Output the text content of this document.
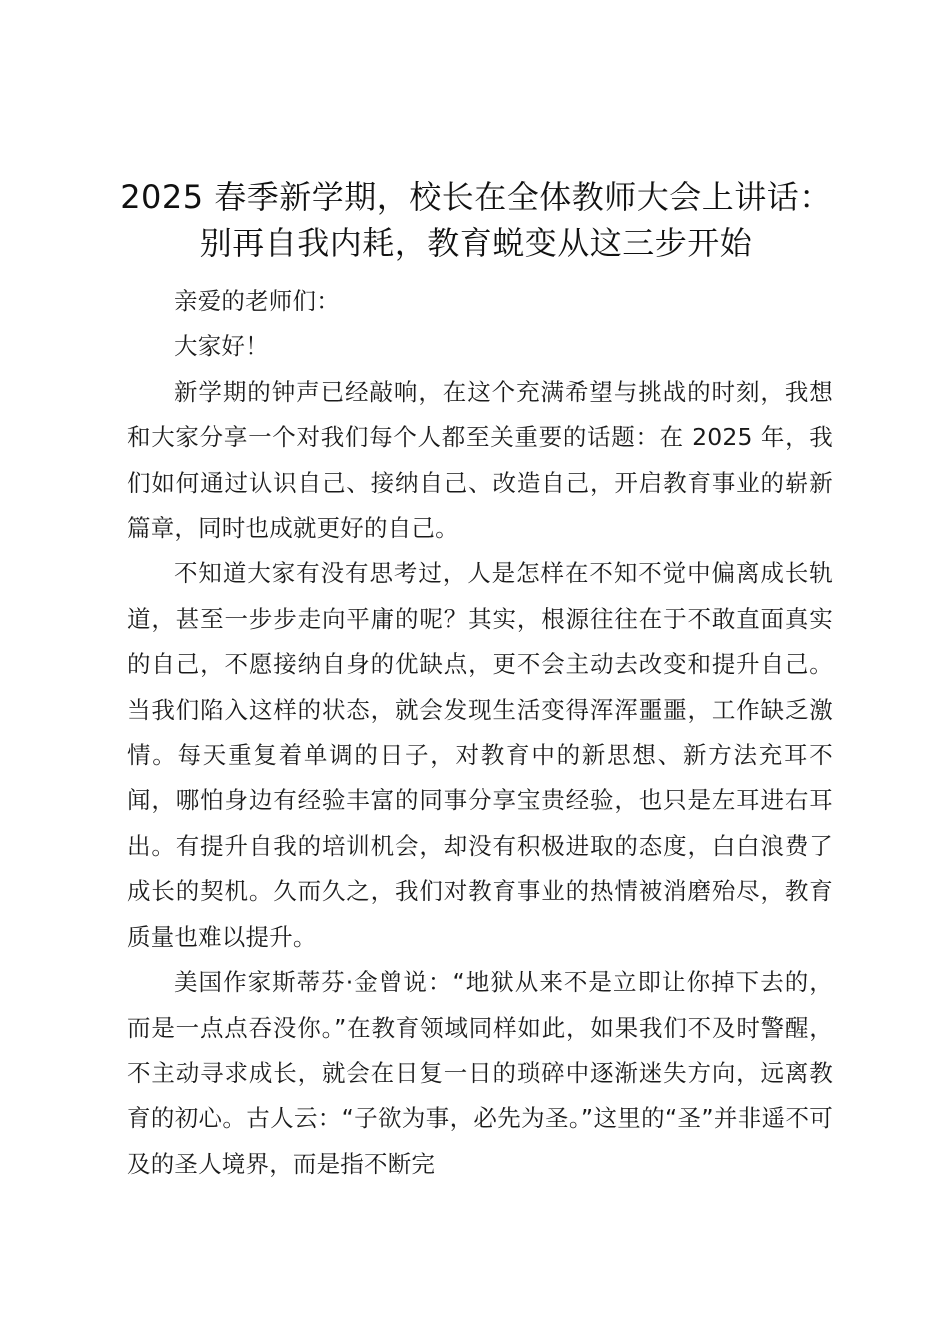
2025 春季新学期，校长在全体教师大会上讲话：别再自我内耗，教育蜕变从这三步开始

亲爱的老师们：

大家好！

新学期的钟声已经敲响，在这个充满希望与挑战的时刻，我想和大家分享一个对我们每个人都至关重要的话题：在 2025 年，我们如何通过认识自己、接纳自己、改造自己，开启教育事业的崭新篇章，同时也成就更好的自己。

不知道大家有没有思考过，人是怎样在不知不觉中偏离成长轨道，甚至一步步走向平庸的呢？其实，根源往往在于不敢直面真实的自己，不愿接纳自身的优缺点，更不会主动去改变和提升自己。当我们陷入这样的状态，就会发现生活变得浑浑噩噩，工作缺乏激情。每天重复着单调的日子，对教育中的新思想、新方法充耳不闻，哪怕身边有经验丰富的同事分享宝贵经验，也只是左耳进右耳出。有提升自我的培训机会，却没有积极进取的态度，白白浪费了成长的契机。久而久之，我们对教育事业的热情被消磨殆尽，教育质量也难以提升。

美国作家斯蒂芬·金曾说：“地狱从来不是立即让你掉下去的，而是一点点吞没你。”在教育领域同样如此，如果我们不及时警醒，不主动寻求成长，就会在日复一日的琐碎中逐渐迷失方向，远离教育的初心。古人云：“子欲为事，必先为圣。”这里的“圣”并非遥不可及的圣人境界，而是指不断完
